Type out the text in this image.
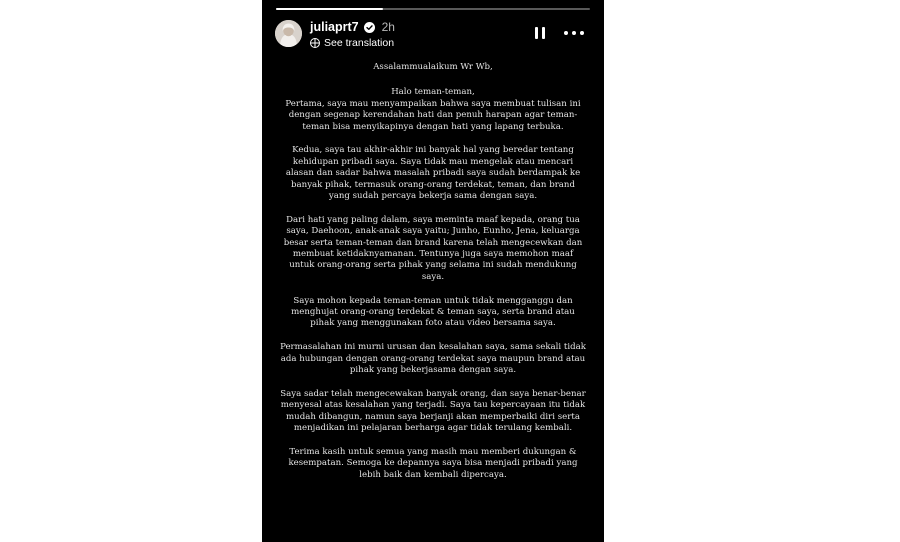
juliaprt7 2h
See translation

Assalammualaikum Wr Wb,

Halo teman-teman,

Pertama, saya mau menyampaikan bahwa saya membuat tulisan ini dengan segenap kerendahan hati dan penuh harapan agar teman-teman bisa menyikapinya dengan hati yang lapang terbuka.

Kedua, saya tau akhir-akhir ini banyak hal yang beredar tentang kehidupan pribadi saya. Saya tidak mau mengelak atau mencari alasan dan sadar bahwa masalah pribadi saya sudah berdampak ke banyak pihak, termasuk orang-orang terdekat, teman, dan brand yang sudah percaya bekerja sama dengan saya.

Dari hati yang paling dalam, saya meminta maaf kepada, orang tua saya, Daehoon, anak-anak saya yaitu; Junho, Eunho, Jena, keluarga besar serta teman-teman dan brand karena telah mengecewkan dan membuat ketidaknyamanan. Tentunya juga saya memohon maaf untuk orang-orang serta pihak yang selama ini sudah mendukung saya.

Saya mohon kepada teman-teman untuk tidak mengganggu dan menghujat orang-orang terdekat & teman saya, serta brand atau pihak yang menggunakan foto atau video bersama saya.

Permasalahan ini murni urusan dan kesalahan saya, sama sekali tidak ada hubungan dengan orang-orang terdekat saya maupun brand atau pihak yang bekerjasama dengan saya.

Saya sadar telah mengecewakan banyak orang, dan saya benar-benar menyesal atas kesalahan yang terjadi. Saya tau kepercayaan itu tidak mudah dibangun, namun saya berjanji akan memperbaiki diri serta menjadikan ini pelajaran berharga agar tidak terulang kembali.

Terima kasih untuk semua yang masih mau memberi dukungan & kesempatan. Semoga ke depannya saya bisa menjadi pribadi yang lebih baik dan kembali dipercaya.
